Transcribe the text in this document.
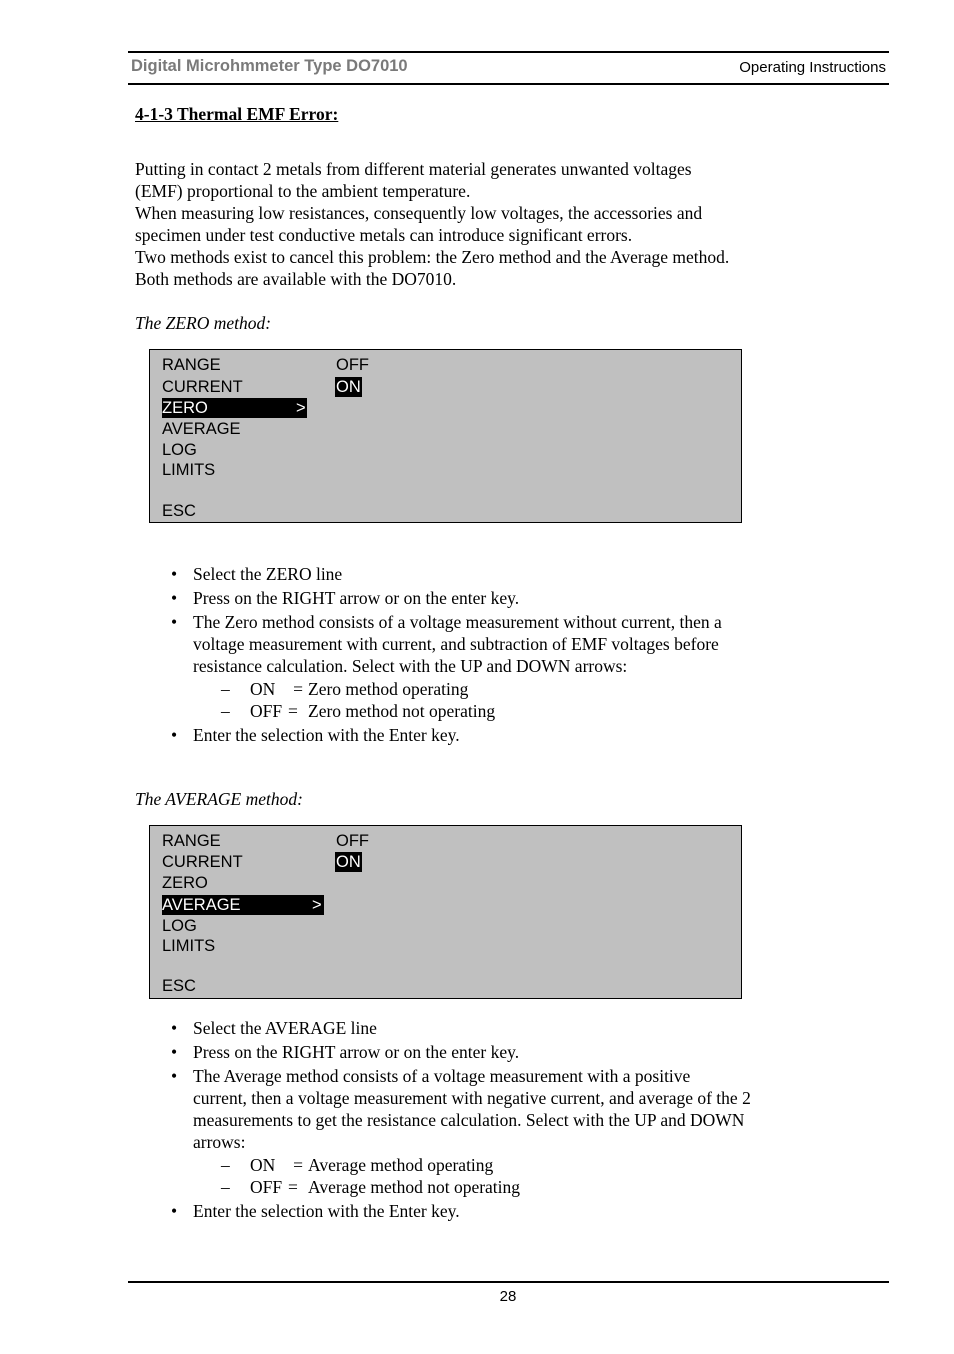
Digital Microhmmeter Type DO7010	Operating Instructions
4-1-3 Thermal EMF Error:
Putting in contact 2 metals from different material generates unwanted voltages
(EMF) proportional to the ambient temperature.
When measuring low resistances, consequently low voltages, the accessories and
specimen under test conductive metals can introduce significant errors.
Two methods exist to cancel this problem: the Zero method and the Average method.
Both methods are available with the DO7010.
The ZERO method:
RANGE
CURRENT
ZERO	>
AVERAGE
LOG
LIMITS
ESC
OFF
ON
• Select the ZERO line
• Press on the RIGHT arrow or on the enter key.
• The Zero method consists of a voltage measurement without current, then a
voltage measurement with current, and subtraction of EMF voltages before
resistance calculation. Select with the UP and DOWN arrows:
– ON = Zero method operating
– OFF = Zero method not operating
• Enter the selection with the Enter key.
The AVERAGE method:
RANGE
CURRENT
ZERO
AVERAGE	>
LOG
LIMITS
ESC
OFF
ON
• Select the AVERAGE line
• Press on the RIGHT arrow or on the enter key.
• The Average method consists of a voltage measurement with a positive
current, then a voltage measurement with negative current, and average of the 2
measurements to get the resistance calculation. Select with the UP and DOWN
arrows:
– ON = Average method operating
– OFF = Average method not operating
• Enter the selection with the Enter key.
28
